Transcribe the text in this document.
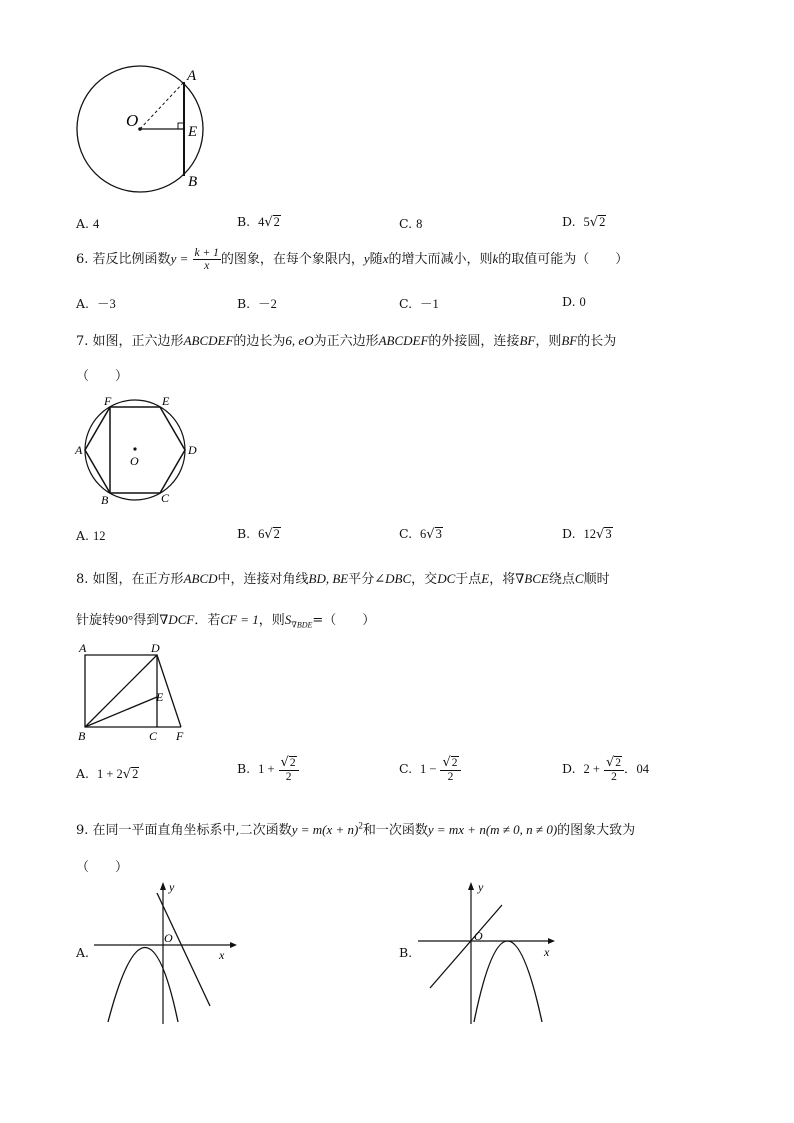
O
A
E
B
A. 4	B. 4√2	C. 8	D. 5√2
6. 若反比例函数$y = \frac{k + 1}{x}$ 的图象，在每个象限内，y随x的增大而减小，则k的取值可能为（　　）
A. －3	B. －2	C. －1	D. 0
7. 如图，正六边形ABCDEF的边长为6, eO为正六边形ABCDEF的外接圆，连接BF，则BF的长为
（　　）
F	E
A	D
O
B	C
A. 12	B. 6√2	C. 6√3	D. 12√3
8. 如图，在正方形ABCD中，连接对角线BD, BE平分∠DBC，交DC于点E，将∇BCE绕点C顺时
针旋转90°得到∇DCF．若CF = 1，则$S_{\nabla BDE}=$（　　）
A	D
E
B	C F
A. 1 + 2√2	B. $1 + \frac{√2}{2}$	C. $1 - \frac{√2}{2}$	D. $2 + \frac{√2}{2}$ ．04
9. 在同一平面直角坐标系中,二次函数$y = m(x + n)^2$和一次函数y = mx + n(m ≠ 0, n ≠ 0)的图象大致为
（　　）
A.
y
x
O
B.
y
x
O
